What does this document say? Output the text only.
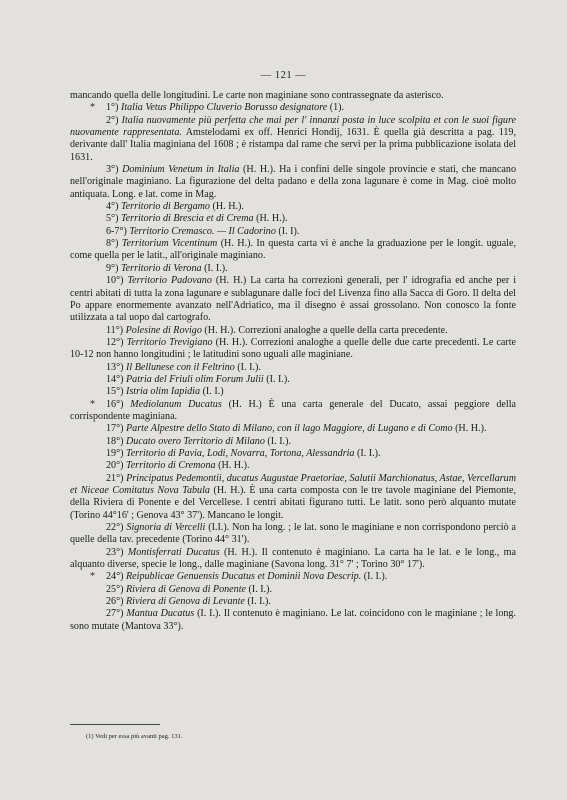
— 121 —

mancando quella delle longitudini. Le carte non maginiane sono contrassegnate da asterisco.

* 1°) Italia Vetus Philippo Cluverio Borusso designatore (1).

2°) Italia nuovamente più perfetta che mai per l' innanzi posta in luce scolpita et con le suoi figure nuovamente rappresentata. Amstelodami ex off. Henrici Hondij, 1631. È quella già descritta a pag. 119, derivante dall' Italia maginiana del 1608 ; è ristampa dal rame che servì per la prima pubblicazione isolata del 1631.

3°) Dominium Venetum in Italia (H. H.). Ha i confini delle singole provincie e stati, che mancano nell'originale maginiano. La figurazione del delta padano e della zona lagunare è come in Mag. cioè molto antiquata. Long. e lat. come in Mag.

4°) Territorio di Bergamo (H. H.).

5°) Territorio di Brescia et di Crema (H. H.).

6-7°) Territorio Cremasco. — Il Cadorino (I. I).

8°) Territorium Vicentinum (H. H.). In questa carta vi è anche la graduazione per le longit. uguale, come quella per le latit., all'originale maginiano.

9°) Territorio di Verona (I. I.).

10°) Territorio Padovano (H. H.) La carta ha correzioni generali, per l' idrografia ed anche per i centri abitati di tutta la zona lagunare e sublagunare dalle foci del Livenza fino alla Sacca di Goro. Il delta del Po appare enormemente avanzato nell'Adriatico, ma il disegno è assai grossolano. Non conosco la fonte utilizzata a tal uopo dal cartografo.

11°) Polesine di Rovigo (H. H.). Correzioni analoghe a quelle della carta precedente.

12°) Territorio Trevigiano (H. H.). Correzioni analoghe a quelle delle due carte precedenti. Le carte 10-12 non hanno longitudini ; le latitudini sono uguali alle maginiane.

13°) Il Bellunese con il Feltrino (I. I.).

14°) Patria del Friuli olim Forum Julii (I. I.).

15°) Istria olim Iapidia (I. I.)

* 16°) Mediolanum Ducatus (H. H.) È una carta generale del Ducato, assai peggiore della corrispondente maginiana.

17°) Parte Alpestre dello Stato di Milano, con il lago Maggiore, di Lugano e di Como (H. H.).

18°) Ducato overo Territorio di Milano (I. I.).

19°) Territorio di Pavia, Lodi, Novarra, Tortona, Alessandria (I. I.).

20°) Territorio di Cremona (H. H.).

21°) Principatus Pedemontii, ducatus Augustae Praetoriae, Salutii Marchionatus, Astae, Vercellarum et Niceae Comitatus Nova Tabula (H. H.). È una carta composta con le tre tavole maginiane del Piemonte, della Riviera di Ponente e del Vercellese. I centri abitati figurano tutti. Le latit. sono però alquanto mutate (Torino 44°16' ; Genova 43° 37'). Mancano le longit.

22°) Signoria di Vercelli (I.I.). Non ha long. ; le lat. sono le maginiane e non corrispondono perciò a quelle della tav. precedente (Torino 44° 31').

23°) Montisferrati Ducatus (H. H.). Il contenuto è maginiano. La carta ha le lat. e le long., ma alquanto diverse, specie le long., dalle maginiane (Savona long. 31° 7' ; Torino 30° 17').

* 24°) Reipublicae Genuensis Ducatus et Dominii Nova Descrip. (I. I.).

25°) Riviera di Genova di Ponente (I. I.).

26°) Riviera di Genova di Levante (I. I.).

27°) Mantua Ducatus (I. I.). Il contenuto è maginiano. Le lat. coincidono con le maginiane ; le long. sono mutate (Mantova 33°).

(1) Vedi per essa più avanti pag. 131.
